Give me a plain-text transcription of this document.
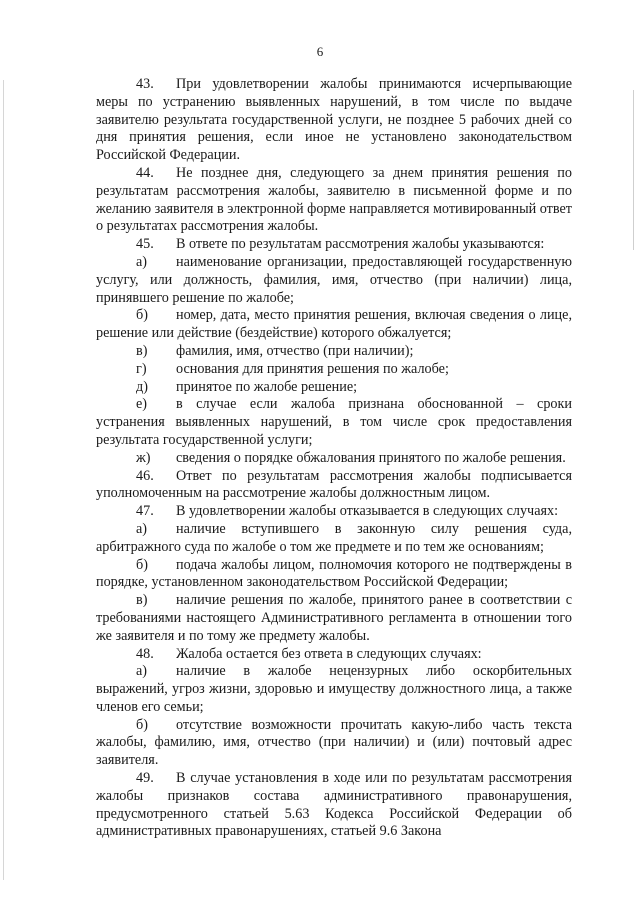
6

43. При удовлетворении жалобы принимаются исчерпывающие меры по устранению выявленных нарушений, в том числе по выдаче заявителю результата государственной услуги, не позднее 5 рабочих дней со дня принятия решения, если иное не установлено законодательством Российской Федерации.

44. Не позднее дня, следующего за днем принятия решения по результатам рассмотрения жалобы, заявителю в письменной форме и по желанию заявителя в электронной форме направляется мотивированный ответ о результатах рассмотрения жалобы.

45. В ответе по результатам рассмотрения жалобы указываются:

а) наименование организации, предоставляющей государственную услугу, или должность, фамилия, имя, отчество (при наличии) лица, принявшего решение по жалобе;

б) номер, дата, место принятия решения, включая сведения о лице, решение или действие (бездействие) которого обжалуется;

в) фамилия, имя, отчество (при наличии);

г) основания для принятия решения по жалобе;

д) принятое по жалобе решение;

е) в случае если жалоба признана обоснованной – сроки устранения выявленных нарушений, в том числе срок предоставления результата государственной услуги;

ж) сведения о порядке обжалования принятого по жалобе решения.

46. Ответ по результатам рассмотрения жалобы подписывается уполномоченным на рассмотрение жалобы должностным лицом.

47. В удовлетворении жалобы отказывается в следующих случаях:

а) наличие вступившего в законную силу решения суда, арбитражного суда по жалобе о том же предмете и по тем же основаниям;

б) подача жалобы лицом, полномочия которого не подтверждены в порядке, установленном законодательством Российской Федерации;

в) наличие решения по жалобе, принятого ранее в соответствии с требованиями настоящего Административного регламента в отношении того же заявителя и по тому же предмету жалобы.

48. Жалоба остается без ответа в следующих случаях:

а) наличие в жалобе нецензурных либо оскорбительных выражений, угроз жизни, здоровью и имуществу должностного лица, а также членов его семьи;

б) отсутствие возможности прочитать какую-либо часть текста жалобы, фамилию, имя, отчество (при наличии) и (или) почтовый адрес заявителя.

49. В случае установления в ходе или по результатам рассмотрения жалобы признаков состава административного правонарушения, предусмотренного статьей 5.63 Кодекса Российской Федерации об административных правонарушениях, статьей 9.6 Закона
